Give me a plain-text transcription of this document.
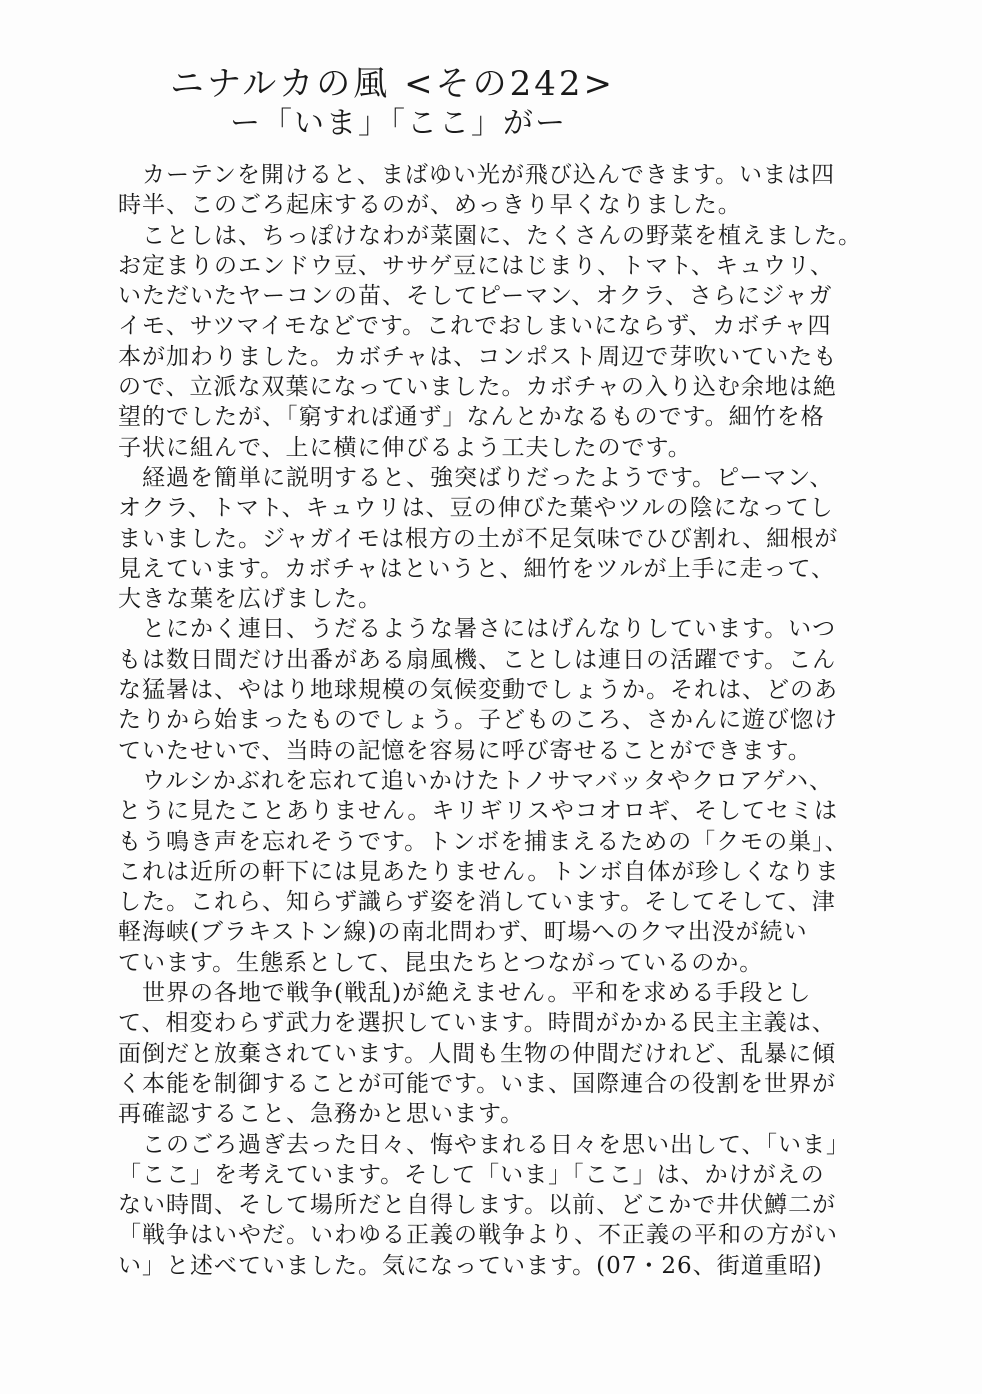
ニナルカの風 <その242>
ー「いま」「ここ」がー
　カーテンを開けると、まばゆい光が飛び込んできます。いまは四
時半、このごろ起床するのが、めっきり早くなりました。
　ことしは、ちっぽけなわが菜園に、たくさんの野菜を植えました。
お定まりのエンドウ豆、ササゲ豆にはじまり、トマト、キュウリ、
いただいたヤーコンの苗、そしてピーマン、オクラ、さらにジャガ
イモ、サツマイモなどです。これでおしまいにならず、カボチャ四
本が加わりました。カボチャは、コンポスト周辺で芽吹いていたも
ので、立派な双葉になっていました。カボチャの入り込む余地は絶
望的でしたが、「窮すれば通ず」なんとかなるものです。細竹を格
子状に組んで、上に横に伸びるよう工夫したのです。
　経過を簡単に説明すると、強突ばりだったようです。ピーマン、
オクラ、トマト、キュウリは、豆の伸びた葉やツルの陰になってし
まいました。ジャガイモは根方の土が不足気味でひび割れ、細根が
見えています。カボチャはというと、細竹をツルが上手に走って、
大きな葉を広げました。
　とにかく連日、うだるような暑さにはげんなりしています。いつ
もは数日間だけ出番がある扇風機、ことしは連日の活躍です。こん
な猛暑は、やはり地球規模の気候変動でしょうか。それは、どのあ
たりから始まったものでしょう。子どものころ、さかんに遊び惚け
ていたせいで、当時の記憶を容易に呼び寄せることができます。
　ウルシかぶれを忘れて追いかけたトノサマバッタやクロアゲハ、
とうに見たことありません。キリギリスやコオロギ、そしてセミは
もう鳴き声を忘れそうです。トンボを捕まえるための「クモの巣」、
これは近所の軒下には見あたりません。トンボ自体が珍しくなりま
した。これら、知らず識らず姿を消しています。そしてそして、津
軽海峡(ブラキストン線)の南北問わず、町場へのクマ出没が続い
ています。生態系として、昆虫たちとつながっているのか。
　世界の各地で戦争(戦乱)が絶えません。平和を求める手段とし
て、相変わらず武力を選択しています。時間がかかる民主主義は、
面倒だと放棄されています。人間も生物の仲間だけれど、乱暴に傾
く本能を制御することが可能です。いま、国際連合の役割を世界が
再確認すること、急務かと思います。
　このごろ過ぎ去った日々、悔やまれる日々を思い出して、「いま」
「ここ」を考えています。そして「いま」「ここ」は、かけがえの
ない時間、そして場所だと自得します。以前、どこかで井伏鱒二が
「戦争はいやだ。いわゆる正義の戦争より、不正義の平和の方がい
い」と述べていました。気になっています。(07・26、街道重昭)
